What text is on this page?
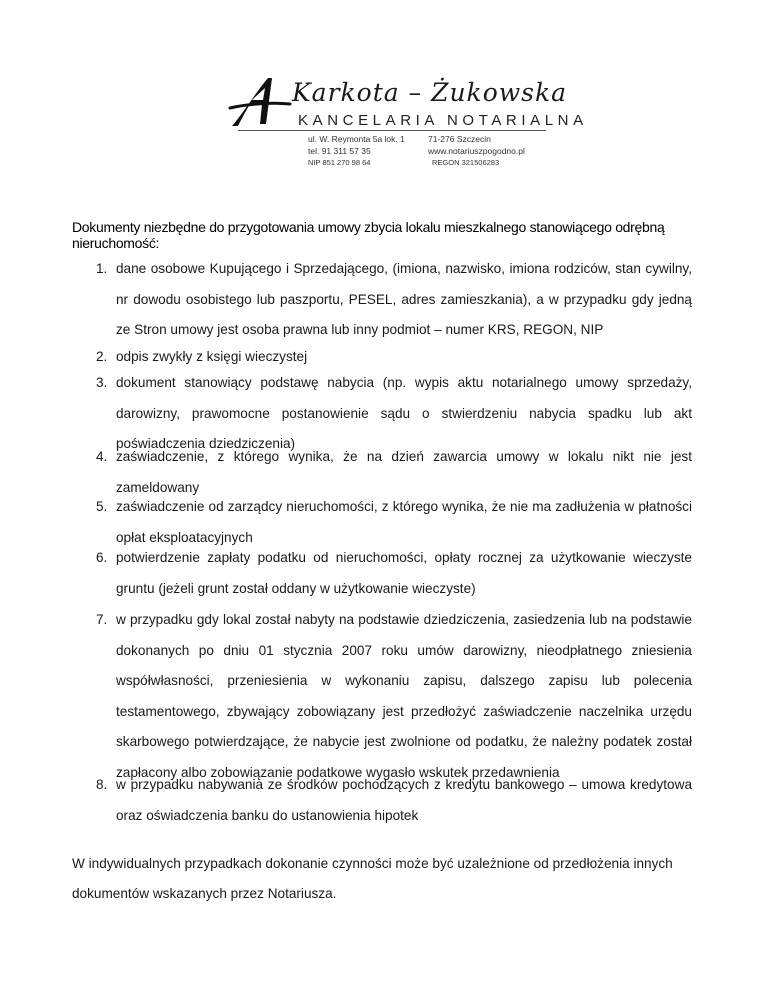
Karkota – Żukowska
KANCELARIA NOTARIALNA
ul. W. Reymonta 5a lok. 1	71-276 Szczecin
tel. 91 311 57 35	www.notariuszpogodno.pl
NIP 851 270 98 64	REGON 321506283
Dokumenty niezbędne do przygotowania umowy zbycia lokalu mieszkalnego stanowiącego odrębną nieruchomość:
1. dane osobowe Kupującego i Sprzedającego, (imiona, nazwisko, imiona rodziców, stan cywilny, nr dowodu osobistego lub paszportu, PESEL, adres zamieszkania), a w przypadku gdy jedną ze Stron umowy jest osoba prawna lub inny podmiot – numer KRS, REGON, NIP
2. odpis zwykły z księgi wieczystej
3. dokument stanowiący podstawę nabycia (np. wypis aktu notarialnego umowy sprzedaży, darowizny, prawomocne postanowienie sądu o stwierdzeniu nabycia spadku lub akt poświadczenia dziedziczenia)
4. zaświadczenie, z którego wynika, że na dzień zawarcia umowy w lokalu nikt nie jest zameldowany
5. zaświadczenie od zarządcy nieruchomości, z którego wynika, że nie ma zadłużenia w płatności opłat eksploatacyjnych
6. potwierdzenie zapłaty podatku od nieruchomości, opłaty rocznej za użytkowanie wieczyste gruntu (jeżeli grunt został oddany w użytkowanie wieczyste)
7. w przypadku gdy lokal został nabyty na podstawie dziedziczenia, zasiedzenia lub na podstawie dokonanych po dniu 01 stycznia 2007 roku umów darowizny, nieodpłatnego zniesienia współwłasności, przeniesienia w wykonaniu zapisu, dalszego zapisu lub polecenia testamentowego, zbywający zobowiązany jest przedłożyć zaświadczenie naczelnika urzędu skarbowego potwierdzające, że nabycie jest zwolnione od podatku, że należny podatek został zapłacony albo zobowiązanie podatkowe wygasło wskutek przedawnienia
8. w przypadku nabywania ze środków pochodzących z kredytu bankowego – umowa kredytowa oraz oświadczenia banku do ustanowienia hipotek
W indywidualnych przypadkach dokonanie czynności może być uzależnione od przedłożenia innych dokumentów wskazanych przez Notariusza.
